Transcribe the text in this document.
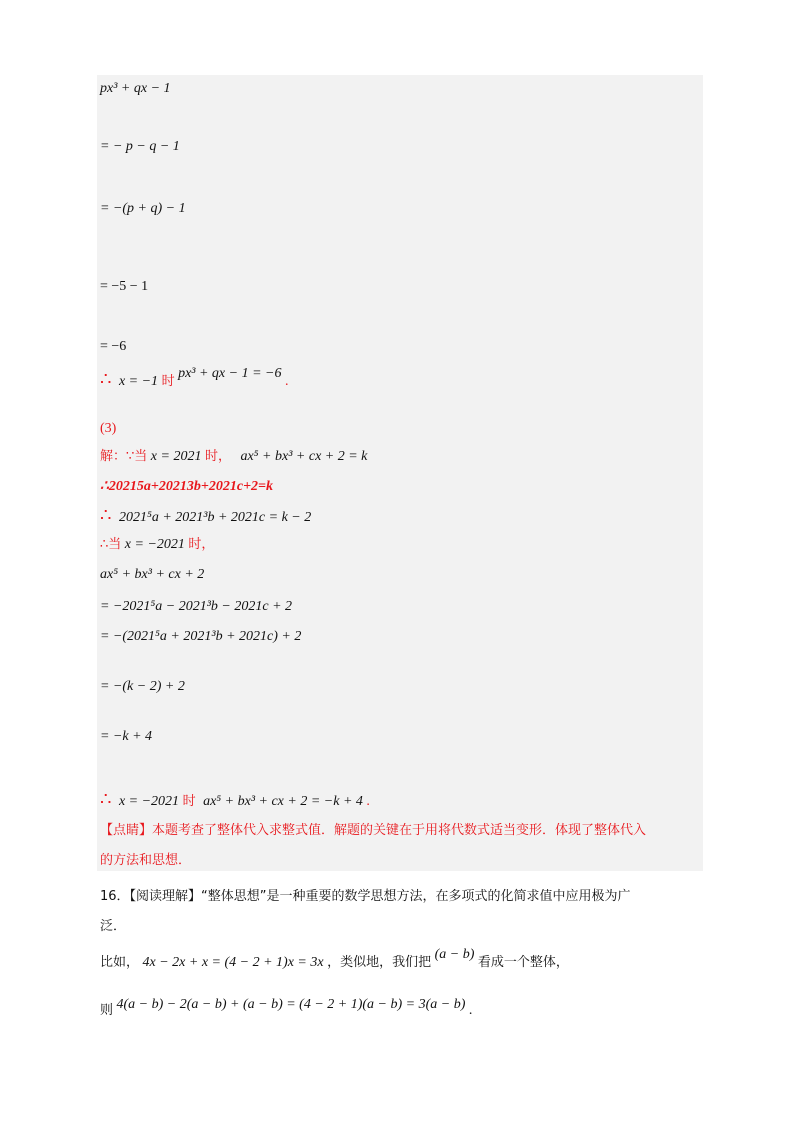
px³ + qx − 1
= − p − q − 1
= −(p + q) − 1
= −5 − 1
= −6
∴ x = −1 时 px³ + qx − 1 = −6 .
(3)
解：∵当 x = 2021 时， ax⁵ + bx³ + cx + 2 = k
∴20215a+20213b+2021c+2=k
∴ 2021⁵a + 2021³b + 2021c = k − 2
∴当 x = −2021 时，
ax⁵ + bx³ + cx + 2
= −2021⁵a − 2021³b − 2021c + 2
= −(2021⁵a + 2021³b + 2021c) + 2
= −(k − 2) + 2
= −k + 4
∴ x = −2021 时 ax⁵ + bx³ + cx + 2 = −k + 4 .
【点睛】本题考查了整体代入求整式值．解题的关键在于用将代数式适当变形．体现了整体代入
的方法和思想．
16．【阅读理解】“整体思想”是一种重要的数学思想方法，在多项式的化简求值中应用极为广
泛．
比如， 4x − 2x + x = (4 − 2 + 1)x = 3x ，类似地，我们把 (a − b) 看成一个整体，
则 4(a − b) − 2(a − b) + (a − b) = (4 − 2 + 1)(a − b) = 3(a − b) .
